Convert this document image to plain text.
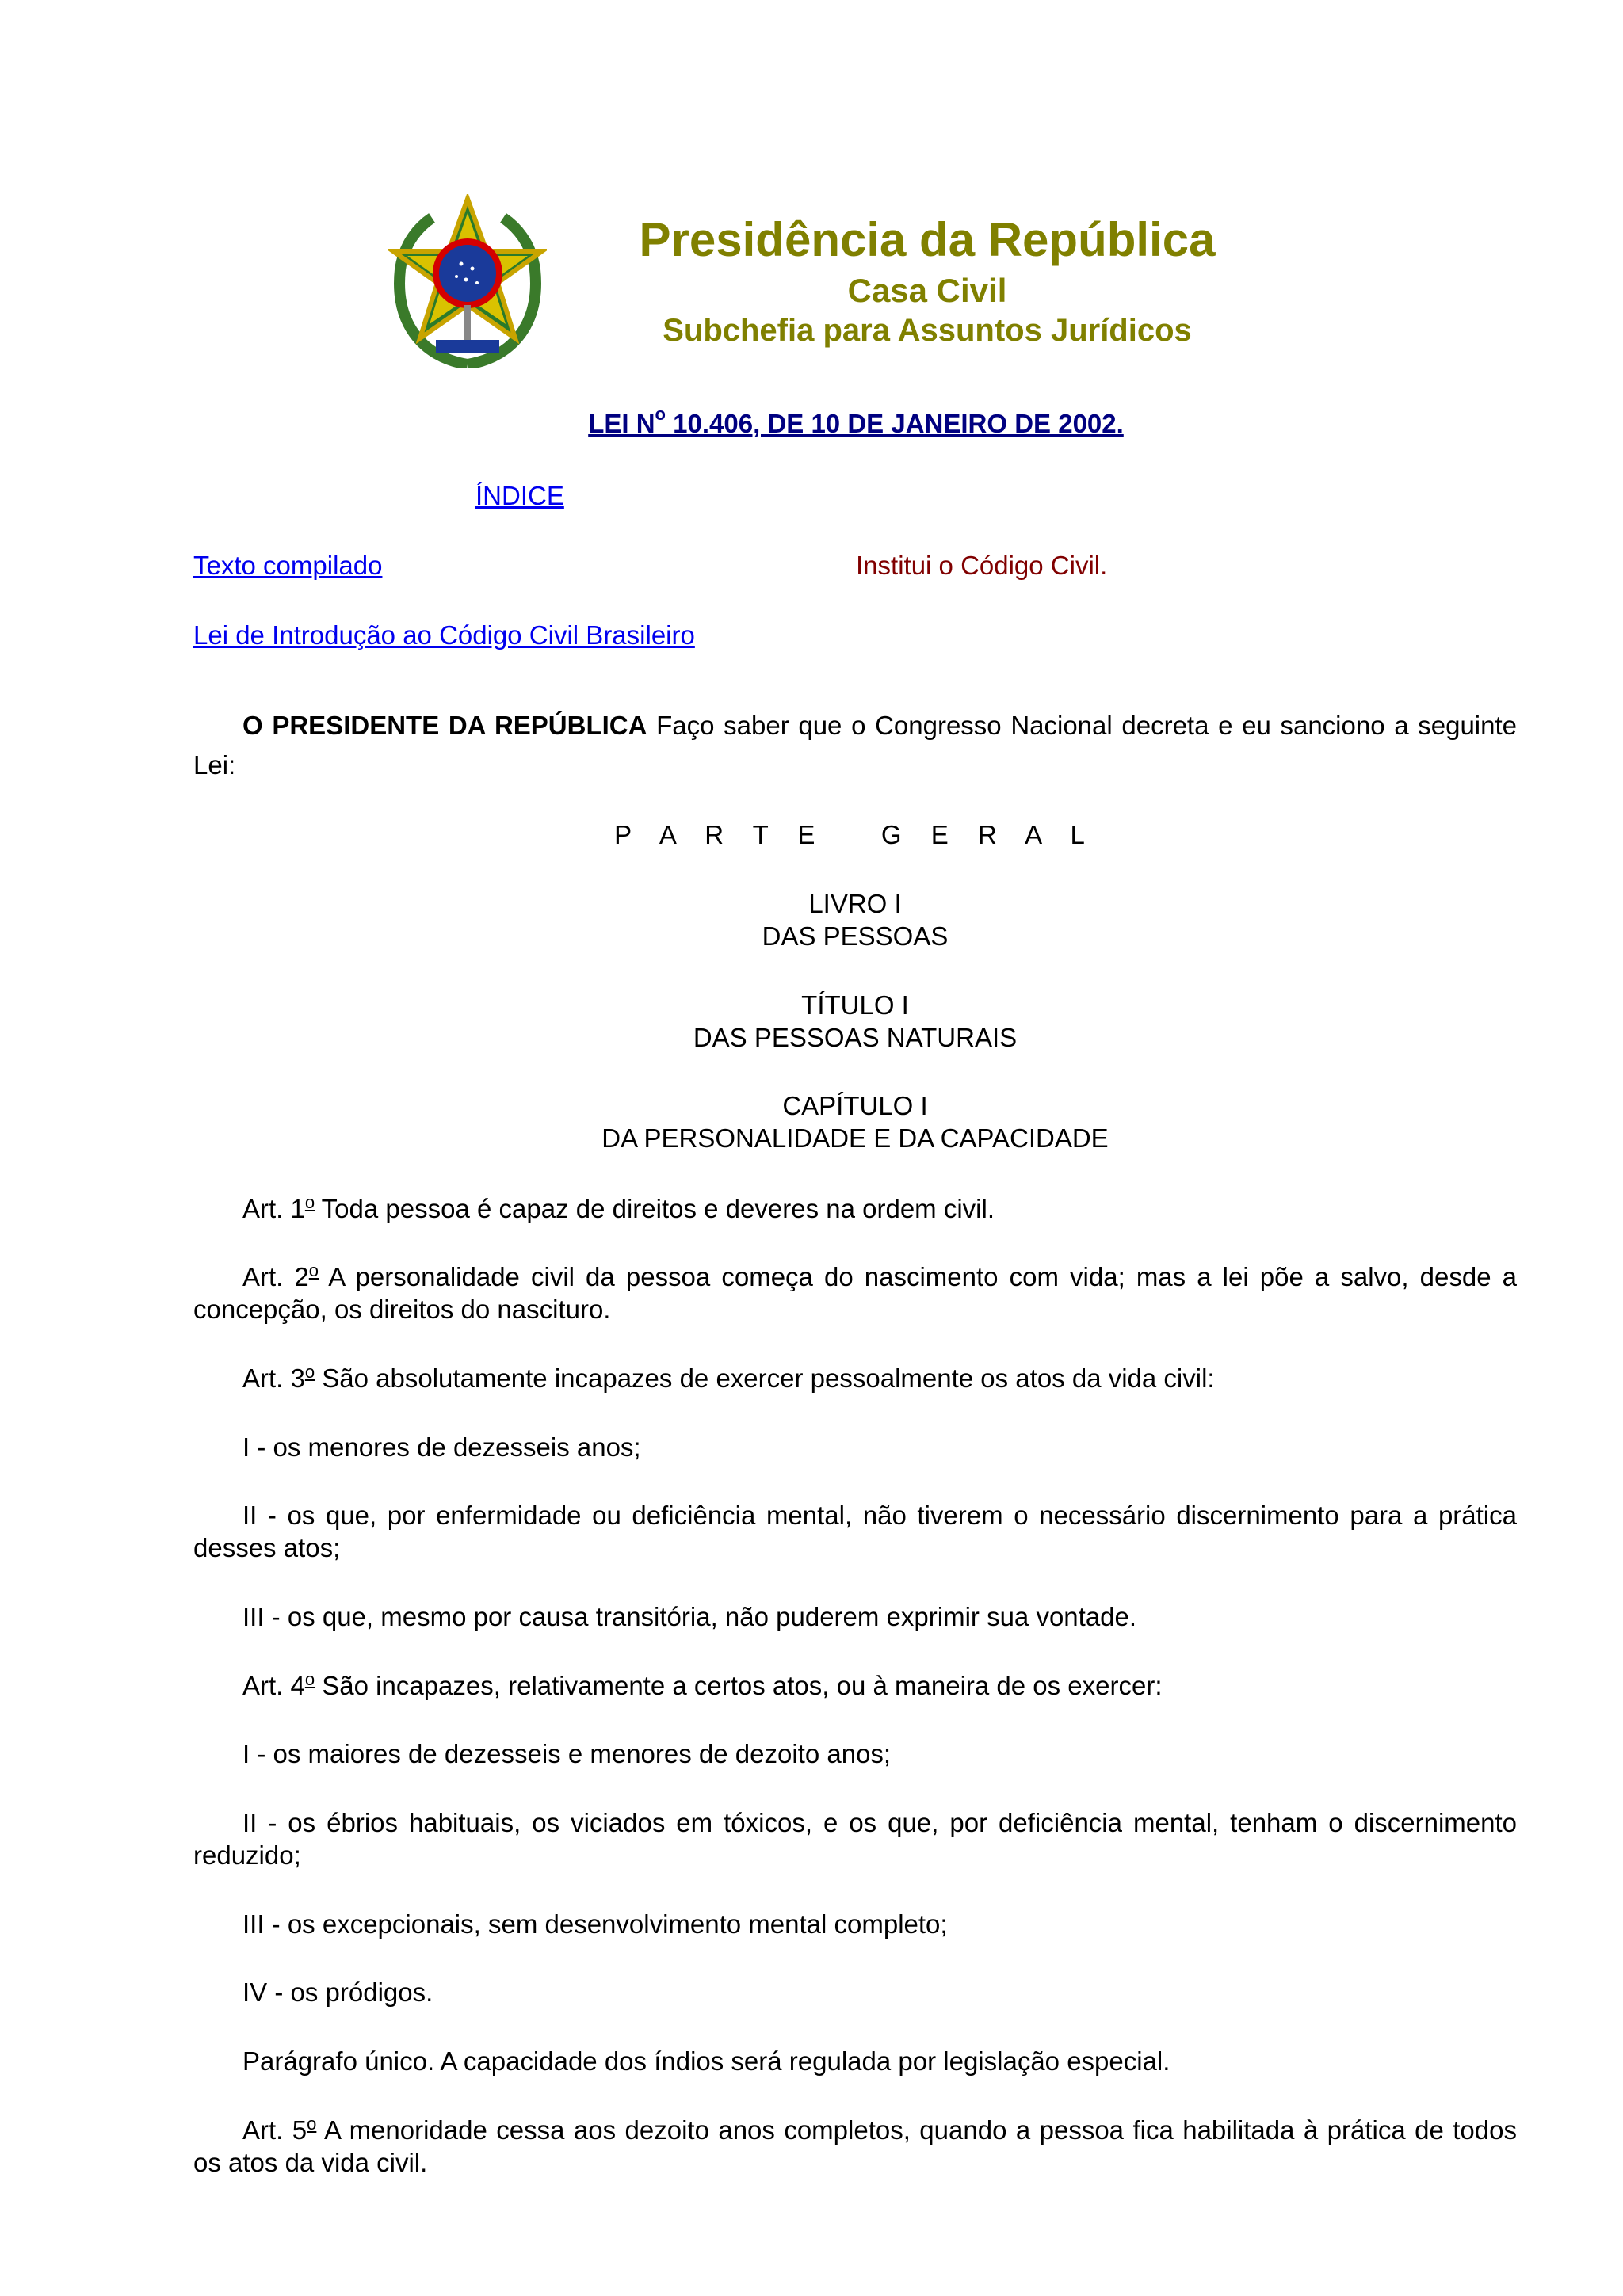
Presidência da República
Casa Civil
Subchefia para Assuntos Jurídicos
LEI N$^o$ 10.406, DE 10 DE JANEIRO DE 2002.
ÍNDICE
Texto compilado	Institui o Código Civil.
Lei de Introdução ao Código Civil Brasileiro
O PRESIDENTE DA REPÚBLICA Faço saber que o Congresso Nacional decreta e eu sanciono a seguinte Lei:
P A R T E   G E R A L
LIVRO I
DAS PESSOAS
TÍTULO I
DAS PESSOAS NATURAIS
CAPÍTULO I
DA PERSONALIDADE E DA CAPACIDADE
Art. 1$^o$ Toda pessoa é capaz de direitos e deveres na ordem civil.
Art. 2$^o$ A personalidade civil da pessoa começa do nascimento com vida; mas a lei põe a salvo, desde a concepção, os direitos do nascituro.
Art. 3$^o$ São absolutamente incapazes de exercer pessoalmente os atos da vida civil:
I - os menores de dezesseis anos;
II - os que, por enfermidade ou deficiência mental, não tiverem o necessário discernimento para a prática desses atos;
III - os que, mesmo por causa transitória, não puderem exprimir sua vontade.
Art. 4$^o$ São incapazes, relativamente a certos atos, ou à maneira de os exercer:
I - os maiores de dezesseis e menores de dezoito anos;
II - os ébrios habituais, os viciados em tóxicos, e os que, por deficiência mental, tenham o discernimento reduzido;
III - os excepcionais, sem desenvolvimento mental completo;
IV - os pródigos.
Parágrafo único. A capacidade dos índios será regulada por legislação especial.
Art. 5$^o$ A menoridade cessa aos dezoito anos completos, quando a pessoa fica habilitada à prática de todos os atos da vida civil.
